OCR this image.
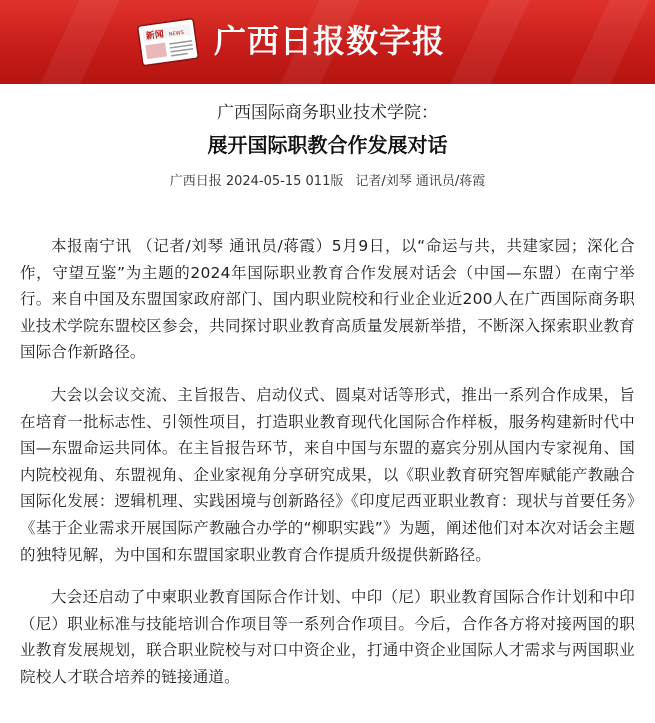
新闻 NEWS 广西日报数字报
广西国际商务职业技术学院：
展开国际职教合作发展对话
广西日报 2024-05-15 011版 记者/刘琴 通讯员/蒋霞

本报南宁讯 （记者/刘琴 通讯员/蒋霞）5月9日，以“命运与共，共建家园；深化合作，守望互鉴”为主题的2024年国际职业教育合作发展对话会（中国—东盟）在南宁举行。来自中国及东盟国家政府部门、国内职业院校和行业企业近200人在广西国际商务职业技术学院东盟校区参会，共同探讨职业教育高质量发展新举措，不断深入探索职业教育国际合作新路径。

大会以会议交流、主旨报告、启动仪式、圆桌对话等形式，推出一系列合作成果，旨在培育一批标志性、引领性项目，打造职业教育现代化国际合作样板，服务构建新时代中国—东盟命运共同体。在主旨报告环节，来自中国与东盟的嘉宾分别从国内专家视角、国内院校视角、东盟视角、企业家视角分享研究成果，以《职业教育研究智库赋能产教融合国际化发展：逻辑机理、实践困境与创新路径》《印度尼西亚职业教育：现状与首要任务》《基于企业需求开展国际产教融合办学的“柳职实践”》为题，阐述他们对本次对话会主题的独特见解，为中国和东盟国家职业教育合作提质升级提供新路径。

大会还启动了中柬职业教育国际合作计划、中印（尼）职业教育国际合作计划和中印（尼）职业标准与技能培训合作项目等一系列合作项目。今后，合作各方将对接两国的职业教育发展规划，联合职业院校与对口中资企业，打通中资企业国际人才需求与两国职业院校人才联合培养的链接通道。
